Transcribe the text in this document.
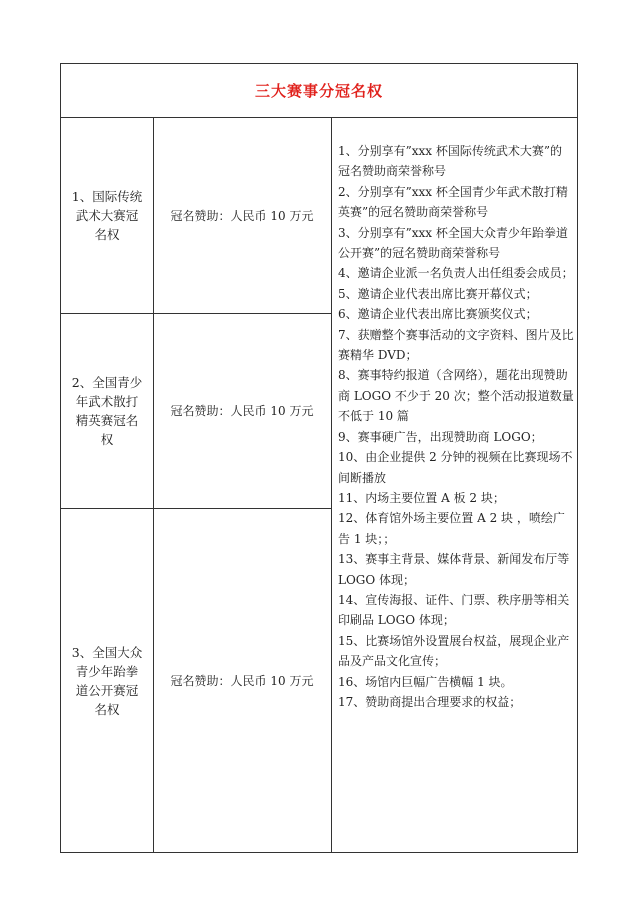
三大赛事分冠名权
1、国际传统武术大赛冠名权
冠名赞助：人民币 10 万元
2、全国青少年武术散打精英赛冠名权
冠名赞助：人民币 10 万元
3、全国大众青少年跆拳道公开赛冠名权
冠名赞助：人民币 10 万元
1、分别享有”xxx 杯国际传统武术大赛”的冠名赞助商荣誉称号
2、分别享有”xxx 杯全国青少年武术散打精英赛”的冠名赞助商荣誉称号
3、分别享有”xxx 杯全国大众青少年跆拳道公开赛”的冠名赞助商荣誉称号
4、邀请企业派一名负责人出任组委会成员；
5、邀请企业代表出席比赛开幕仪式；
6、邀请企业代表出席比赛颁奖仪式；
7、获赠整个赛事活动的文字资料、图片及比赛精华 DVD；
8、赛事特约报道（含网络），题花出现赞助商 LOGO 不少于 20 次；整个活动报道数量不低于 10 篇
9、赛事硬广告，出现赞助商 LOGO；
10、由企业提供 2 分钟的视频在比赛现场不间断播放
11、内场主要位置 A 板 2 块；
12、体育馆外场主要位置 A 2 块 ，喷绘广告 1 块；；
13、赛事主背景、媒体背景、新闻发布厅等 LOGO 体现；
14、宣传海报、证件、门票、秩序册等相关印刷品 LOGO 体现；
15、比赛场馆外设置展台权益，展现企业产品及产品文化宣传；
16、场馆内巨幅广告横幅 1 块。
17、赞助商提出合理要求的权益；
